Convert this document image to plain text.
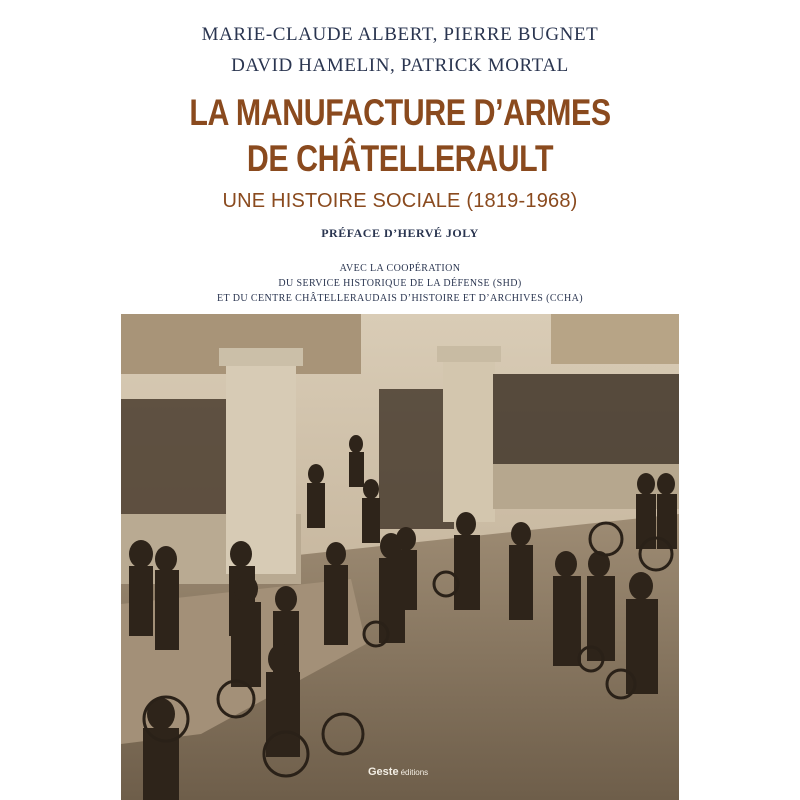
MARIE-CLAUDE ALBERT, PIERRE BUGNET
DAVID HAMELIN, PATRICK MORTAL
LA MANUFACTURE D’ARMES
DE CHÂTELLERAULT
UNE HISTOIRE SOCIALE (1819-1968)
PRÉFACE D’HERVÉ JOLY
AVEC LA COOPÉRATION
DU SERVICE HISTORIQUE DE LA DÉFENSE (SHD)
ET DU CENTRE CHÂTELLERAUDAIS D’HISTOIRE ET D’ARCHIVES (CCHA)
Geste éditions
